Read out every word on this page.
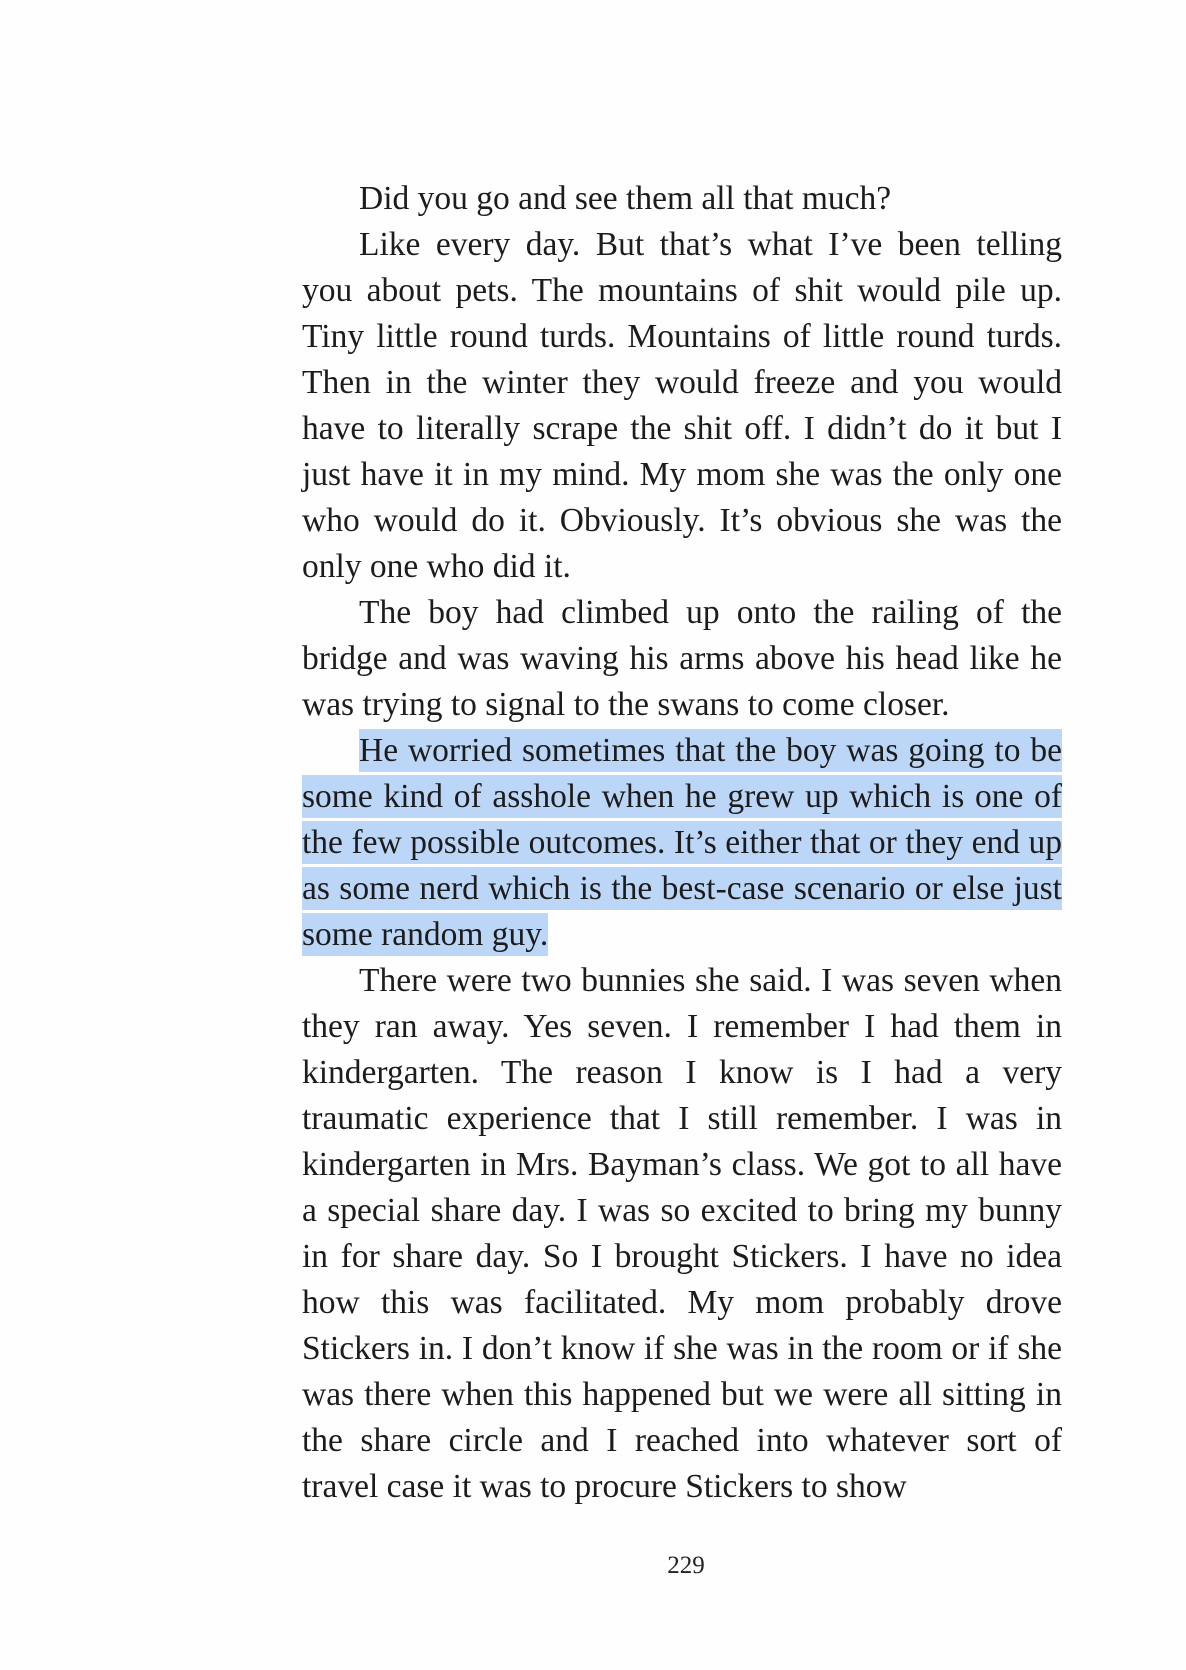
Did you go and see them all that much?

Like every day. But that’s what I’ve been telling you about pets. The mountains of shit would pile up. Tiny little round turds. Mountains of little round turds. Then in the winter they would freeze and you would have to literally scrape the shit off. I didn’t do it but I just have it in my mind. My mom she was the only one who would do it. Obviously. It’s obvious she was the only one who did it.

The boy had climbed up onto the railing of the bridge and was waving his arms above his head like he was trying to signal to the swans to come closer.

He worried sometimes that the boy was going to be some kind of asshole when he grew up which is one of the few possible outcomes. It’s either that or they end up as some nerd which is the best-case scenario or else just some random guy.

There were two bunnies she said. I was seven when they ran away. Yes seven. I remember I had them in kindergarten. The reason I know is I had a very traumatic experience that I still remember. I was in kindergarten in Mrs. Bayman’s class. We got to all have a special share day. I was so excited to bring my bunny in for share day. So I brought Stickers. I have no idea how this was facilitated. My mom probably drove Stickers in. I don’t know if she was in the room or if she was there when this happened but we were all sitting in the share circle and I reached into whatever sort of travel case it was to procure Stickers to show

229
